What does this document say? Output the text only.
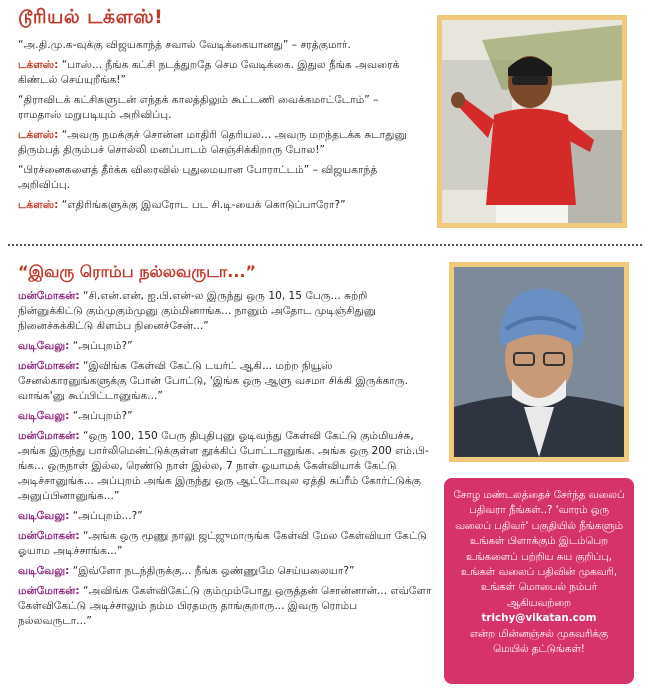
டூரியல் டக்ளஸ்!
“அ.தி.மு.க-வுக்கு விஜயகாந்த் சவால் வேடிக்கையானது” – சரத்குமார்.
டக்ளஸ்: “பாஸ்... நீங்க கட்சி நடத்துறதே செம வேடிக்கை. இதுல நீங்க அவரைக் கிண்டல் செய்யுறீங்க!”
“திராவிடக் கட்சிகளுடன் எந்தக் காலத்திலும் கூட்டணி வைக்கமாட்டோம்” – ராமதாஸ் மறுபடியும் அறிவிப்பு.
டக்ளஸ்: “அவரு நமக்குச் சொன்ன மாதிரி தெரியல... அவரு மறந்தடக்க சுடாதுனு திரும்பத் திரும்பச் சொல்லி மனப்பாடம் செஞ்சிக்கிறாரு போல!”
“பிரச்னைகளைத் தீர்க்க விரைவில் புதுமையான போராட்டம்” – விஜயகாந்த் அறிவிப்பு.
டக்ளஸ்: “எதிரிங்களுக்கு இவரோட பட சி.டி-யைக் கொடுப்பாரோ?”
“இவரு ரொம்ப நல்லவருடா...”
மன்மோகன்: “சி.என்.என், ஐ.பி.என்-ல இருந்து ஒரு 10, 15 பேரு... சுற்றி நின்னுக்கிட்டு கும்முகும்முனு கும்மினாங்க... நானும் அதோட முடிஞ்சிதுனு நினைச்சுக்கிட்டு கிளம்ப நினைச்சேன்...”
வடிவேலு: “அப்புறம்?”
மன்மோகன்: “இவிங்க கேள்வி கேட்டு டயர்ட் ஆகி... மற்ற நியூஸ் சேனல்காரனுங்களுக்கு போன் போட்டு, 'இங்க ஒரு ஆளு வசமா சிக்கி இருக்காரு. வாங்க'னு கூப்பிட்டானுங்க...”
வடிவேலு: “அப்புறம்?”
மன்மோகன்: “ஒரு 100, 150 பேரு திபுதிபுனு ஓடிவந்து கேள்வி கேட்டு கும்மியச்சு, அங்க இருந்து பார்லிமென்ட்டுக்குள்ள தூக்கிப் போட்டானுங்க. அங்க ஒரு 200 எம்.பி-ங்க... ஒருநாள் இல்ல, ரெண்டு நாள் இல்ல, 7 நாள் ஓயாமக் கேள்வியாக் கேட்டு அடிச்சானுங்க... அப்புறம் அங்க இருந்து ஒரு ஆட்டோவுல ஏத்தி சுப்ரீம் கோர்ட்டுக்கு அனுப்பினானுங்க...”
வடிவேலு: “அப்புறம்...?”
மன்மோகன்: “அங்க ஒரு மூணு நாலு ஜட்ஜுமாருங்க கேள்வி மேல கேள்வியா கேட்டு ஓயாம அடிச்சாங்க...”
வடிவேலு: “இவ்ளோ நடந்திருக்கு... நீங்க ஒண்ணுமே செய்யலையா?”
மன்மோகன்: “அவிங்க கேள்விகேட்டு கும்மும்போது ஒருத்தன் சொன்னான்... எவ்ளோ கேள்விகேட்டு அடிச்சாலும் நம்ம பிரதமரு தாங்குறாரு... இவரு ரொம்ப நல்லவருடா...”
சோழ மண்டலத்தைச் சேர்ந்த வலைப் பதிவரா நீங்கள்..? 'வாரம் ஒரு வலைப் பதிவர்' பகுதியில் நீங்களும் உங்கள் பிளாக்கும் இடம்பெற உங்களைப் பற்றிய சுய குறிப்பு, உங்கள் வலைப் பதிவின் முகவரி, உங்கள் மொபைல் நம்பர் ஆகியவற்றை
trichy@vikatan.com
என்ற மின்னஞ்சல் முகவரிக்கு மெயில் தட்டுங்கள்!
